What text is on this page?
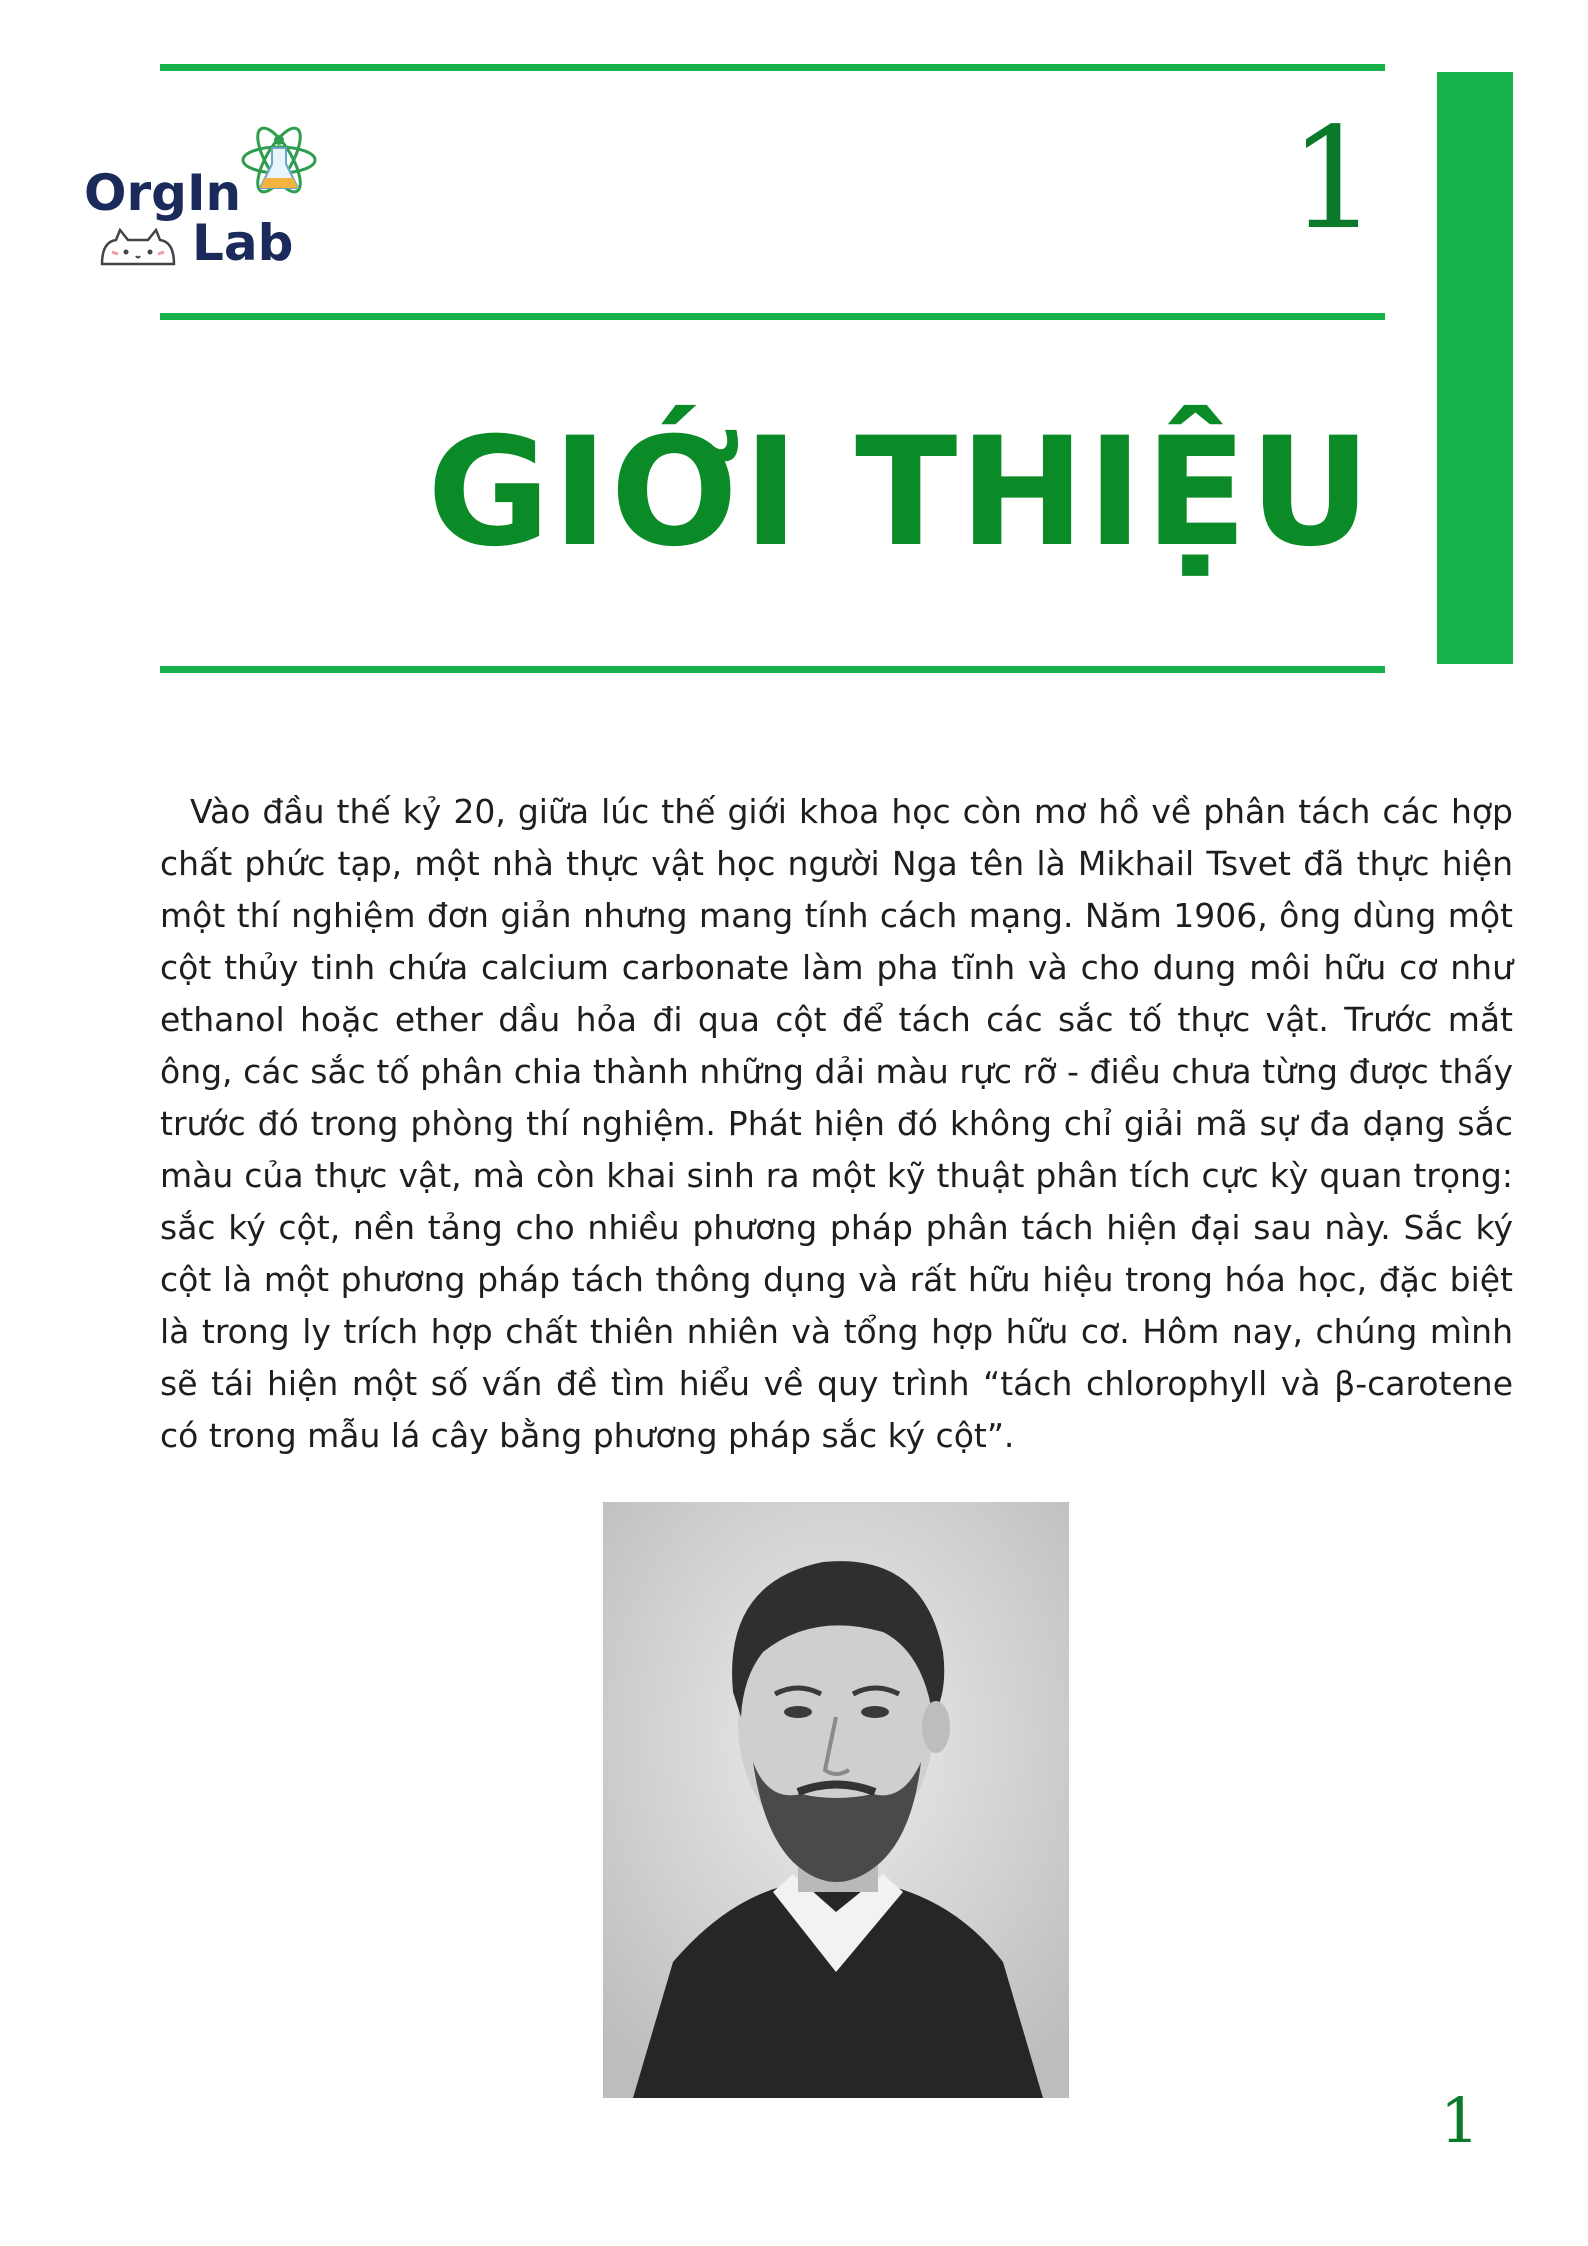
OrgIn
Lab	1
GIỚI THIỆU

Vào đầu thế kỷ 20, giữa lúc thế giới khoa học còn mơ hồ về phân tách các hợp chất phức tạp, một nhà thực vật học người Nga tên là Mikhail Tsvet đã thực hiện một thí nghiệm đơn giản nhưng mang tính cách mạng. Năm 1906, ông dùng một cột thủy tinh chứa calcium carbonate làm pha tĩnh và cho dung môi hữu cơ như ethanol hoặc ether dầu hỏa đi qua cột để tách các sắc tố thực vật. Trước mắt ông, các sắc tố phân chia thành những dải màu rực rỡ - điều chưa từng được thấy trước đó trong phòng thí nghiệm. Phát hiện đó không chỉ giải mã sự đa dạng sắc màu của thực vật, mà còn khai sinh ra một kỹ thuật phân tích cực kỳ quan trọng: sắc ký cột, nền tảng cho nhiều phương pháp phân tách hiện đại sau này. Sắc ký cột là một phương pháp tách thông dụng và rất hữu hiệu trong hóa học, đặc biệt là trong ly trích hợp chất thiên nhiên và tổng hợp hữu cơ. Hôm nay, chúng mình sẽ tái hiện một số vấn đề tìm hiểu về quy trình “tách chlorophyll và β-carotene có trong mẫu lá cây bằng phương pháp sắc ký cột”.

1
